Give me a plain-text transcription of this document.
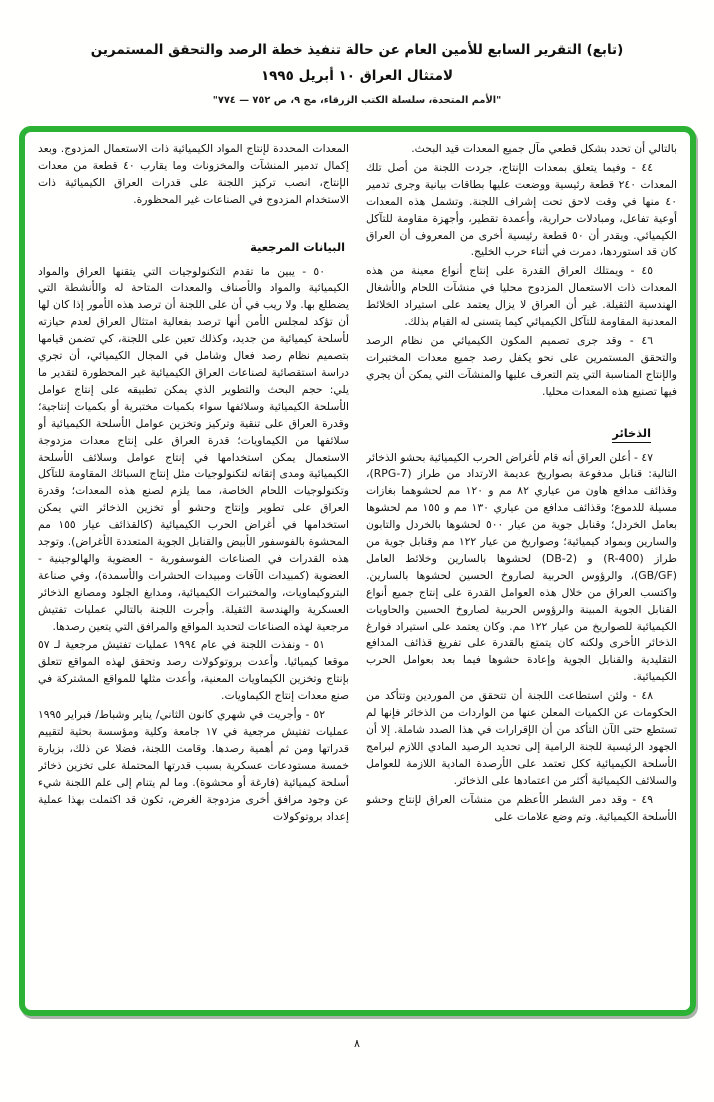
(تابع) التقرير السابع للأمين العام عن حالة تنفيذ خطة الرصد والتحقق المستمرين
لامتثال العراق ١٠ أبريل ١٩٩٥
"الأمم المتحدة، سلسلة الكتب الزرقاء، مج ٩، ص ٧٥٢ — ٧٧٤"

بالتالي أن تحدد بشكل قطعي مآل جميع المعدات قيد البحث.

٤٤ - وفيما يتعلق بمعدات الإنتاج، جردت اللجنة من أصل تلك المعدات ٢٤٠ قطعة رئيسية ووضعت عليها بطاقات بيانية وجرى تدمير ٤٠ منها في وقت لاحق تحت إشراف اللجنة. وتشمل هذه المعدات أوعية تفاعل، ومبادلات حرارية، وأعمدة تقطير، وأجهزة مقاومة للتآكل الكيميائي. ويقدر أن ٥٠ قطعة رئيسية أخرى من المعروف أن العراق كان قد استوردها، دمرت في أثناء حرب الخليج.

٤٥ - ويمتلك العراق القدرة على إنتاج أنواع معينة من هذه المعدات ذات الاستعمال المزدوج محليا في منشآت اللحام والأشغال الهندسية الثقيلة. غير أن العراق لا يزال يعتمد على استيراد الخلائط المعدنية المقاومة للتآكل الكيميائي كيما يتسنى له القيام بذلك.

٤٦ - وقد جرى تصميم المكون الكيميائي من نظام الرصد والتحقق المستمرين على نحو يكفل رصد جميع معدات المختبرات والإنتاج المناسبة التي يتم التعرف عليها والمنشآت التي يمكن أن يجري فيها تصنيع هذه المعدات محليا.

الذخائر

٤٧ - أعلن العراق أنه قام لأغراض الحرب الكيميائية بحشو الذخائر التالية: قنابل مدفوعة بصواريخ عديمة الارتداد من طراز (RPG-7)، وقذائف مدافع هاون من عياري ٨٢ مم و ١٢٠ مم لحشوهما بغازات مسيلة للدموع؛ وقذائف مدافع من عياري ١٣٠ مم و ١٥٥ مم لحشوها بعامل الخردل؛ وقنابل جوية من عيار ٥٠٠ لحشوها بالخردل والتابون والسارين وبمواد كيميائية؛ وصواريخ من عيار ١٢٢ مم وقنابل جوية من طراز (R-400) و (DB-2) لحشوها بالسارين وخلائط العامل (GB/GF)، والرؤوس الحربية لصاروخ الحسين لحشوها بالسارين. واكتسب العراق من خلال هذه العوامل القدرة على إنتاج جميع أنواع القنابل الجوية المبينة والرؤوس الحربية لصاروخ الحسين والحاويات الكيميائية للصواريخ من عيار ١٢٢ مم. وكان يعتمد على استيراد فوارغ الذخائر الأخرى ولكنه كان يتمتع بالقدرة على تفريغ قذائف المدافع التقليدية والقنابل الجوية وإعادة حشوها فيما بعد بعوامل الحرب الكيميائية.

٤٨ - ولئن استطاعت اللجنة أن تتحقق من الموردين وتتأكد من الحكومات عن الكميات المعلن عنها من الواردات من الذخائر فإنها لم تستطع حتى الآن التأكد من أن الإقرارات في هذا الصدد شاملة. إلا أن الجهود الرئيسية للجنة الرامية إلى تحديد الرصيد المادي اللازم لبرامج الأسلحة الكيميائية ككل تعتمد على الأرصدة المادية اللازمة للعوامل والسلائف الكيميائية أكثر من اعتمادها على الذخائر.

٤٩ - وقد دمر الشطر الأعظم من منشآت العراق لإنتاج وحشو الأسلحة الكيميائية. وتم وضع علامات على

المعدات المحددة لإنتاج المواد الكيميائية ذات الاستعمال المزدوج. وبعد إكمال تدمير المنشآت والمخزونات وما يقارب ٤٠ قطعة من معدات الإنتاج، انصب تركيز اللجنة على قدرات العراق الكيميائية ذات الاستخدام المزدوج في الصناعات غير المحظورة.

البيانات المرجعية

٥٠ - يبين ما تقدم التكنولوجيات التي يتقنها العراق والمواد الكيميائية والمواد والأصناف والمعدات المتاحة له والأنشطة التي يضطلع بها. ولا ريب في أن على اللجنة أن ترصد هذه الأمور إذا كان لها أن تؤكد لمجلس الأمن أنها ترصد بفعالية امتثال العراق لعدم حيازته لأسلحة كيميائية من جديد، وكذلك تعين على اللجنة، كي تضمن قيامها بتصميم نظام رصد فعال وشامل في المجال الكيميائي، أن تجري دراسة استقصائية لصناعات العراق الكيميائية غير المحظورة لتقدير ما يلي: حجم البحث والتطوير الذي يمكن تطبيقه على إنتاج عوامل الأسلحة الكيميائية وسلائفها سواء بكميات مختبرية أو بكميات إنتاجية؛ وقدرة العراق على تنقية وتركيز وتخزين عوامل الأسلحة الكيميائية أو سلائفها من الكيماويات؛ قدرة العراق على إنتاج معدات مزدوجة الاستعمال يمكن استخدامها في إنتاج عوامل وسلائف الأسلحة الكيميائية ومدى إتقانه لتكنولوجيات مثل إنتاج السبائك المقاومة للتآكل وتكنولوجيات اللحام الخاصة، مما يلزم لصنع هذه المعدات؛ وقدرة العراق على تطوير وإنتاج وحشو أو تخزين الذخائر التي يمكن استخدامها في أغراض الحرب الكيميائية (كالقذائف عيار ١٥٥ مم المحشوة بالفوسفور الأبيض والقنابل الجوية المتعددة الأغراض). وتوجد هذه القدرات في الصناعات الفوسفورية - العضوية والهالوجينية - العضوية (كمبيدات الآفات ومبيدات الحشرات والأسمدة)، وفي صناعة البتروكيماويات، والمختبرات الكيميائية، ومدابغ الجلود ومصانع الذخائر العسكرية والهندسة الثقيلة. وأجرت اللجنة بالتالي عمليات تفتيش مرجعية لهذه الصناعات لتحديد المواقع والمرافق التي يتعين رصدها.

٥١ - ونفذت اللجنة في عام ١٩٩٤ عمليات تفتيش مرجعية لـ ٥٧ موقعا كيميائيا. وأعدت بروتوكولات رصد وتحقق لهذه المواقع تتعلق بإنتاج وتخزين الكيماويات المعنية، وأعدت مثلها للمواقع المشتركة في صنع معدات إنتاج الكيماويات.

٥٢ - وأجريت في شهري كانون الثاني/ يناير وشباط/ فبراير ١٩٩٥ عمليات تفتيش مرجعية في ١٧ جامعة وكلية ومؤسسة بحثية لتقييم قدراتها ومن ثم أهمية رصدها. وقامت اللجنة، فضلا عن ذلك، بزيارة خمسة مستودعات عسكرية بسبب قدرتها المحتملة على تخزين ذخائر أسلحة كيميائية (فارغة أو محشوة). وما لم يتنام إلى علم اللجنة شيء عن وجود مرافق أخرى مزدوجة الغرض، تكون قد اكتملت بهذا عملية إعداد بروتوكولات

٨
